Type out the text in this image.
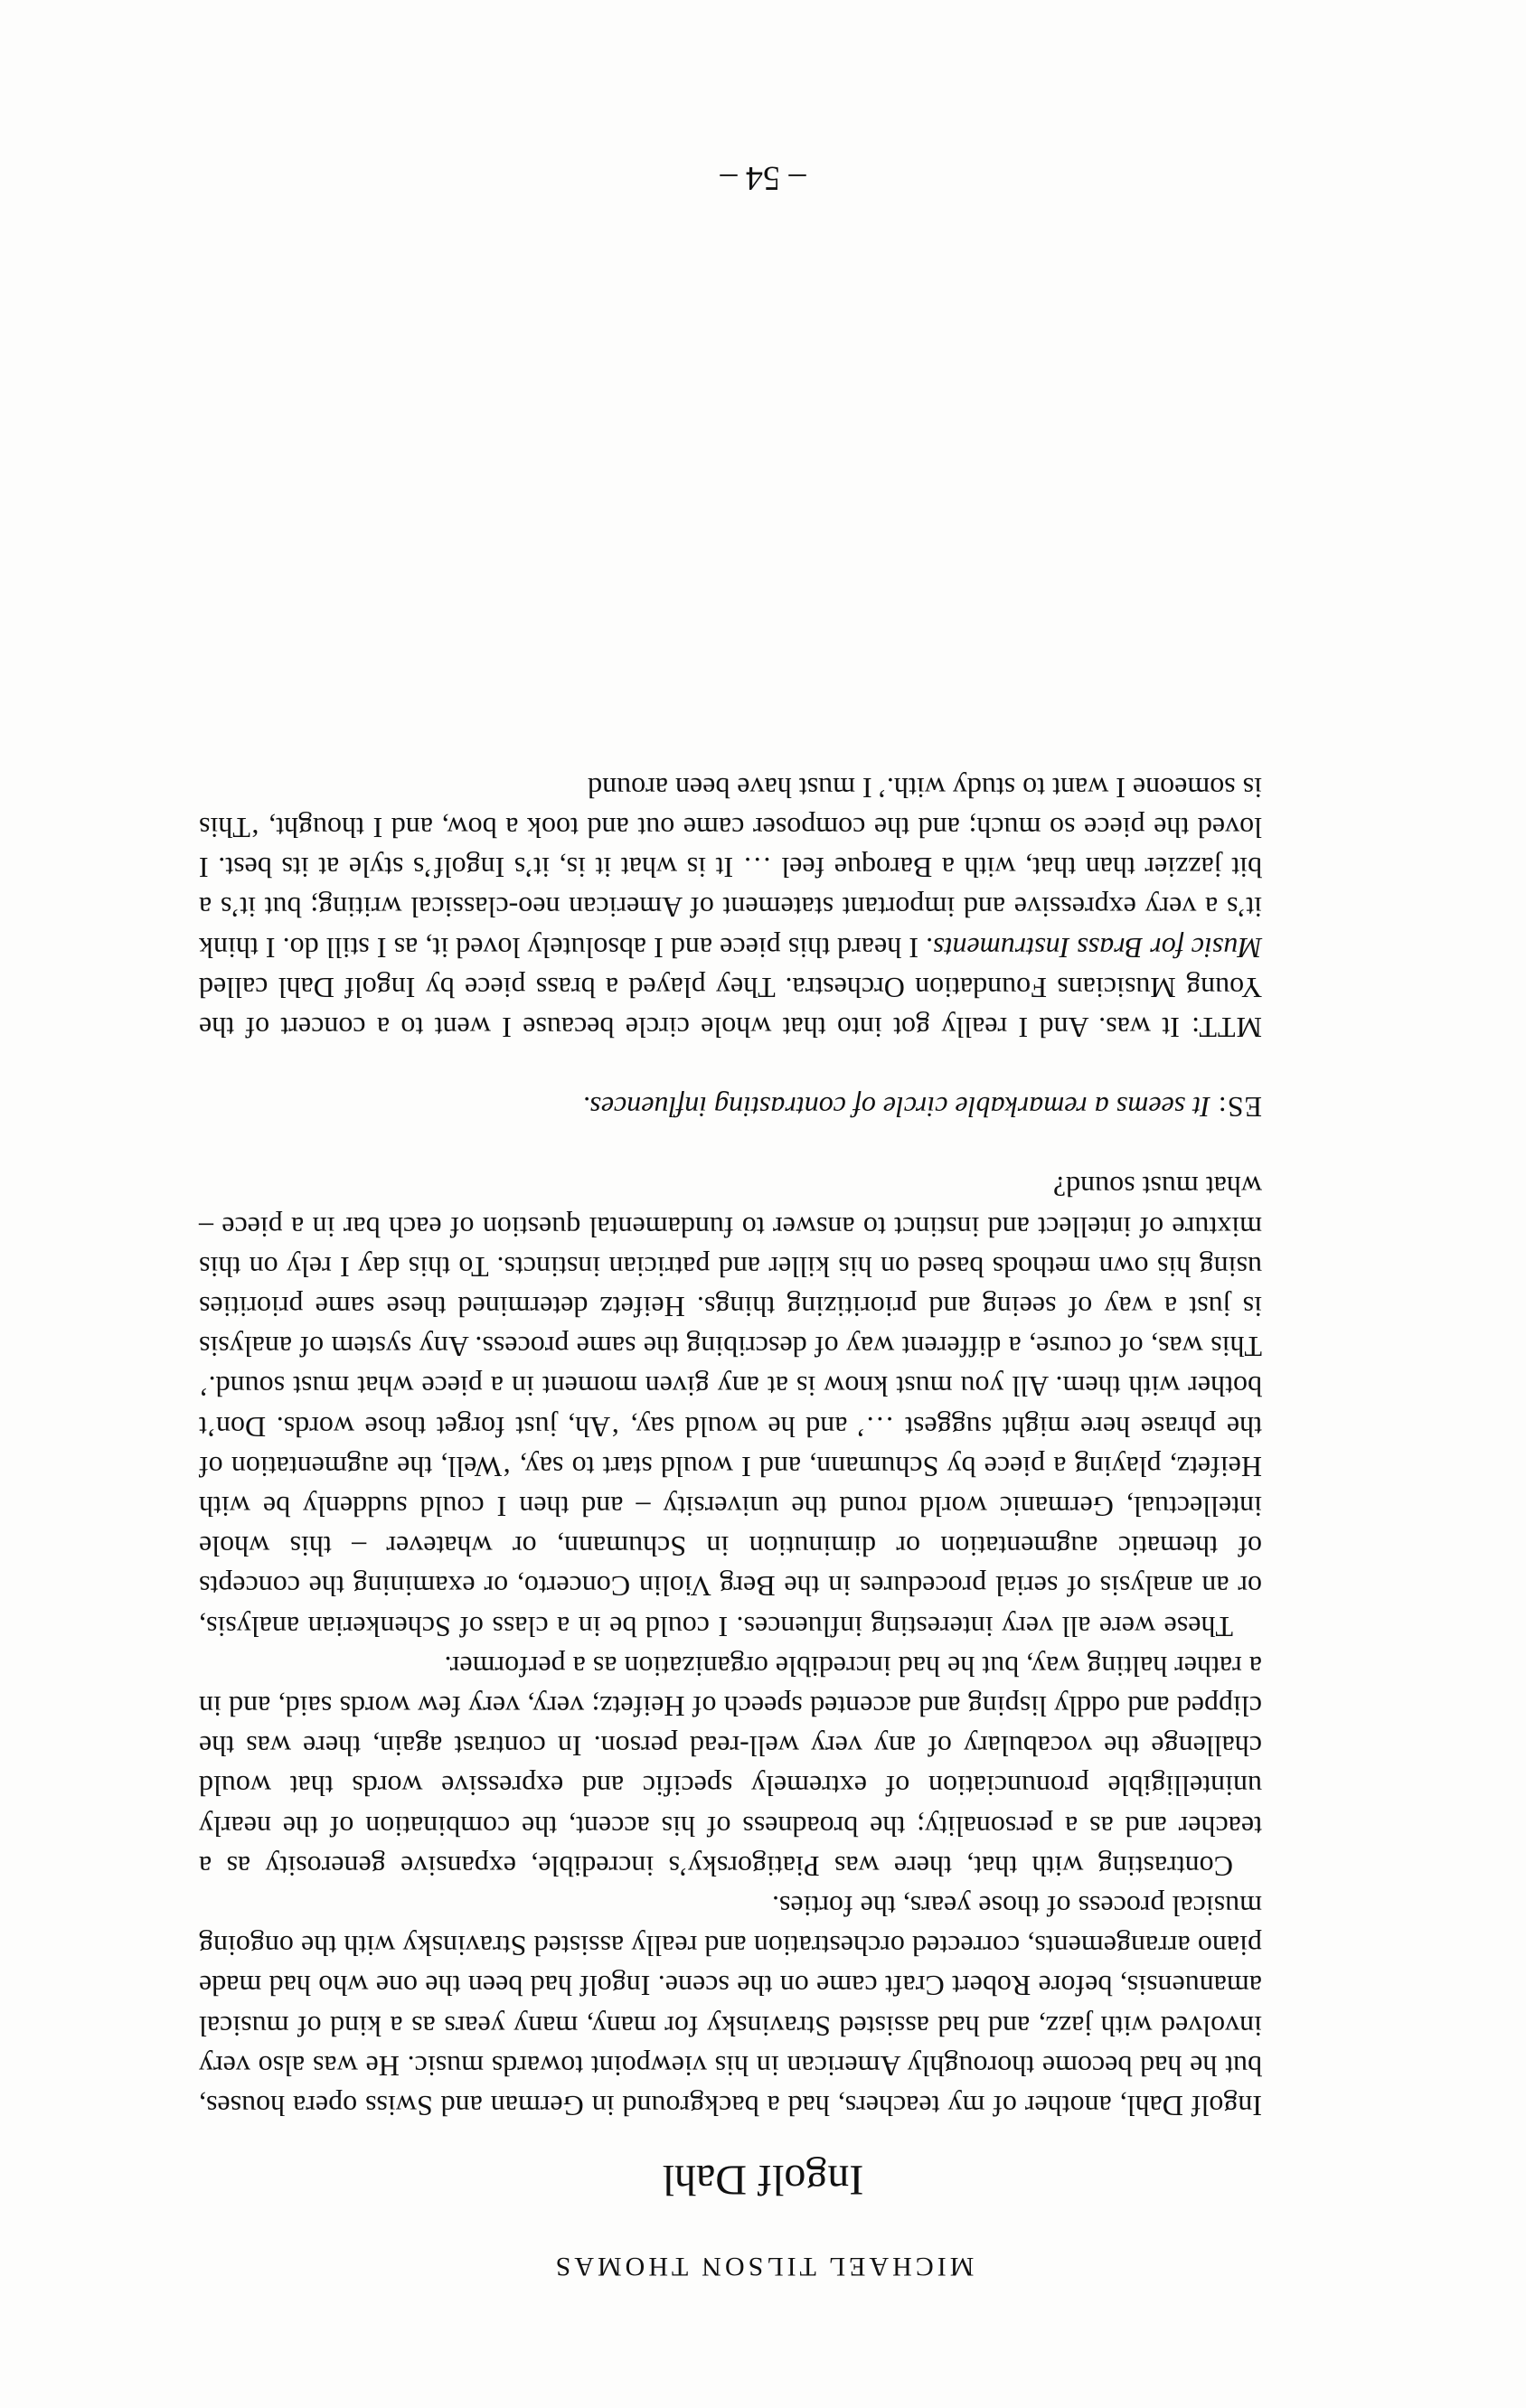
MICHAEL TILSON THOMAS
Ingolf Dahl

Ingolf Dahl, another of my teachers, had a background in German and Swiss opera houses, but he had become thoroughly American in his viewpoint towards music. He was also very involved with jazz, and had assisted Stravinsky for many, many years as a kind of musical amanuensis, before Robert Craft came on the scene. Ingolf had been the one who had made piano arrangements, corrected orchestration and really assisted Stravinsky with the ongoing musical process of those years, the forties.

Contrasting with that, there was Piatigorsky’s incredible, expansive generosity as a teacher and as a personality; the broadness of his accent, the combination of the nearly unintelligible pronunciation of extremely specific and expressive words that would challenge the vocabulary of any very well-read person. In contrast again, there was the clipped and oddly lisping and accented speech of Heifetz; very, very few words said, and in a rather halting way, but he had incredible organization as a performer.

These were all very interesting influences. I could be in a class of Schenkerian analysis, or an analysis of serial procedures in the Berg Violin Concerto, or examining the concepts of thematic augmentation or diminution in Schumann, or whatever – this whole intellectual, Germanic world round the university – and then I could suddenly be with Heifetz, playing a piece by Schumann, and I would start to say, ‘Well, the augmentation of the phrase here might suggest …’ and he would say, ‘Ah, just forget those words. Don’t bother with them. All you must know is at any given moment in a piece what must sound.’ This was, of course, a different way of describing the same process. Any system of analysis is just a way of seeing and prioritizing things. Heifetz determined these same priorities using his own methods based on his killer and patrician instincts. To this day I rely on this mixture of intellect and instinct to answer to fundamental question of each bar in a piece – what must sound?

ES: It seems a remarkable circle of contrasting influences.

MTT: It was. And I really got into that whole circle because I went to a concert of the Young Musicians Foundation Orchestra. They played a brass piece by Ingolf Dahl called Music for Brass Instruments. I heard this piece and I absolutely loved it, as I still do. I think it’s a very expressive and important statement of American neo-classical writing; but it’s a bit jazzier than that, with a Baroque feel … It is what it is, it’s Ingolf’s style at its best. I loved the piece so much; and the composer came out and took a bow, and I thought, ‘This is someone I want to study with.’ I must have been around

– 54 –
